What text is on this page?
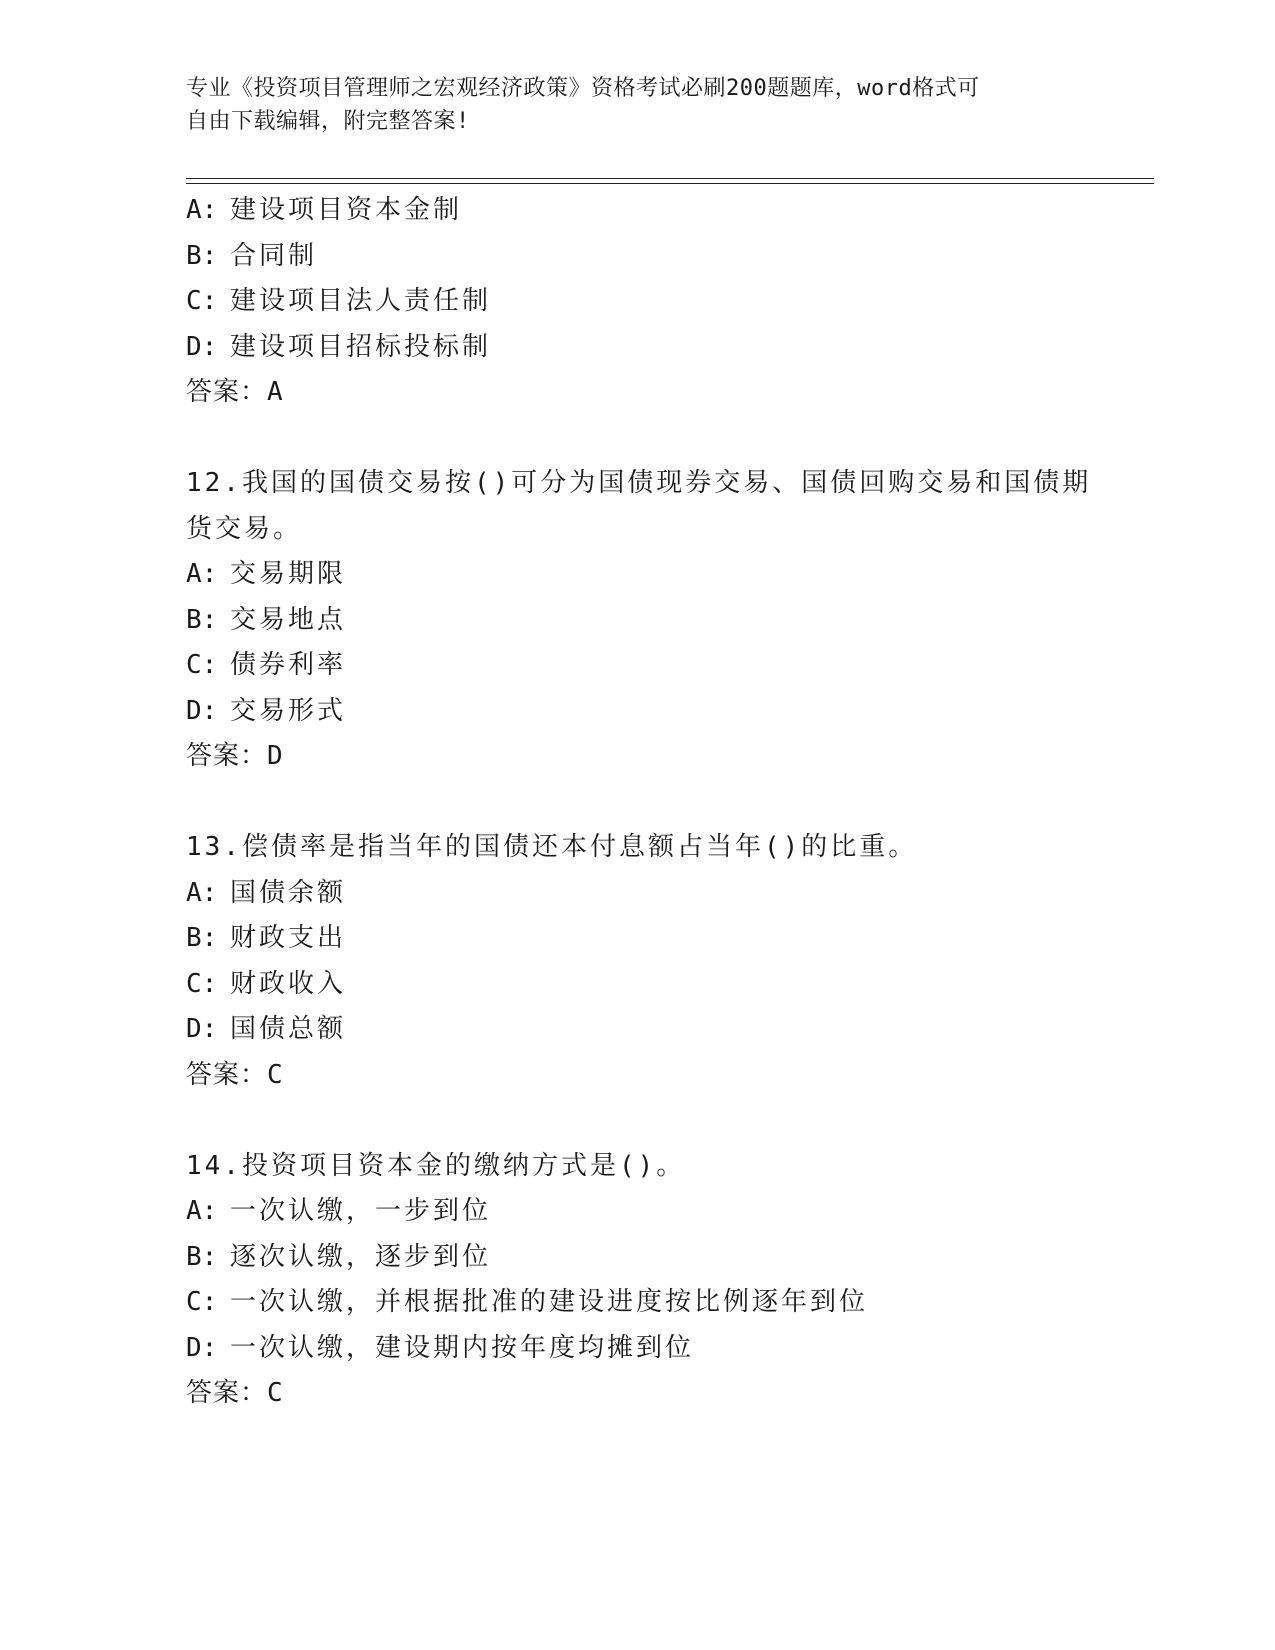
专业《投资项目管理师之宏观经济政策》资格考试必刷200题题库，word格式可
自由下载编辑，附完整答案!
A: 建设项目资本金制
B: 合同制
C: 建设项目法人责任制
D: 建设项目招标投标制
答案：A
12.我国的国债交易按()可分为国债现券交易、国债回购交易和国债期
货交易。
A: 交易期限
B: 交易地点
C: 债券利率
D: 交易形式
答案：D
13.偿债率是指当年的国债还本付息额占当年()的比重。
A: 国债余额
B: 财政支出
C: 财政收入
D: 国债总额
答案：C
14.投资项目资本金的缴纳方式是()。
A: 一次认缴，一步到位
B: 逐次认缴，逐步到位
C: 一次认缴，并根据批准的建设进度按比例逐年到位
D: 一次认缴，建设期内按年度均摊到位
答案：C
